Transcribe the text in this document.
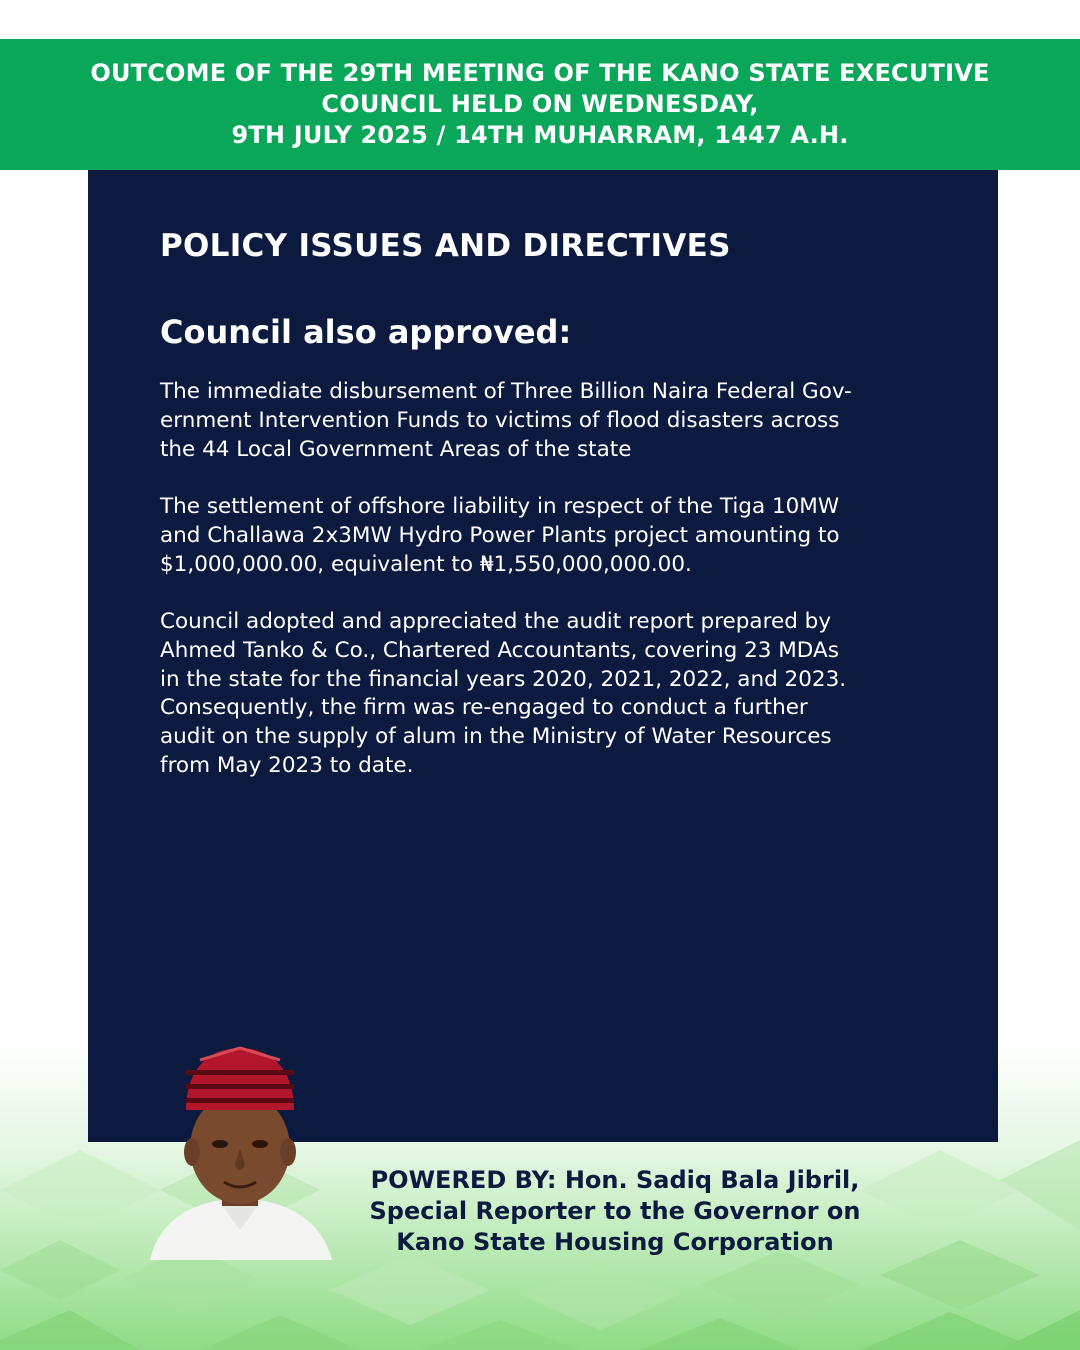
OUTCOME OF THE 29TH MEETING OF THE KANO STATE EXECUTIVE
COUNCIL HELD ON WEDNESDAY,
9TH JULY 2025 / 14TH MUHARRAM, 1447 A.H.
POLICY ISSUES AND DIRECTIVES
Council also approved:

The immediate disbursement of Three Billion Naira Federal Gov-
ernment Intervention Funds to victims of flood disasters across
the 44 Local Government Areas of the state

The settlement of offshore liability in respect of the Tiga 10MW
and Challawa 2x3MW Hydro Power Plants project amounting to
$1,000,000.00, equivalent to ₦1,550,000,000.00.

Council adopted and appreciated the audit report prepared by
Ahmed Tanko & Co., Chartered Accountants, covering 23 MDAs
in the state for the financial years 2020, 2021, 2022, and 2023.
Consequently, the firm was re-engaged to conduct a further
audit on the supply of alum in the Ministry of Water Resources
from May 2023 to date.

POWERED BY: Hon. Sadiq Bala Jibril,
Special Reporter to the Governor on
Kano State Housing Corporation
